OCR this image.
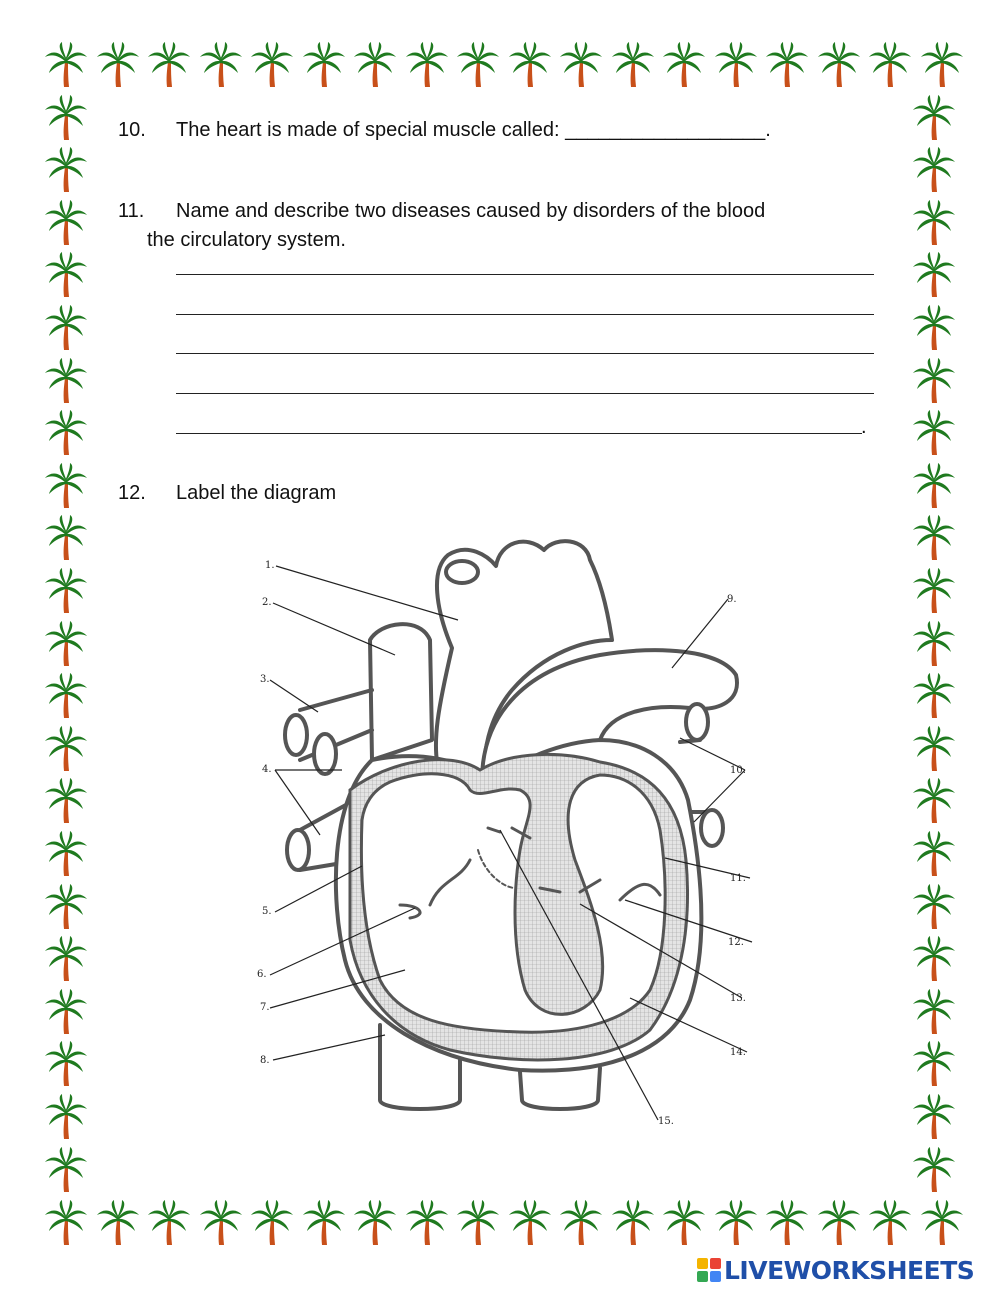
10. The heart is made of special muscle called: __________________.
11. Name and describe two diseases caused by disorders of the blood
the circulatory system.
.
12. Label the diagram
1.
2.
3.
4.
5.
6.
7.
8.
9.
10.
11.
12.
13.
14.
15.
LIVEWORKSHEETS
